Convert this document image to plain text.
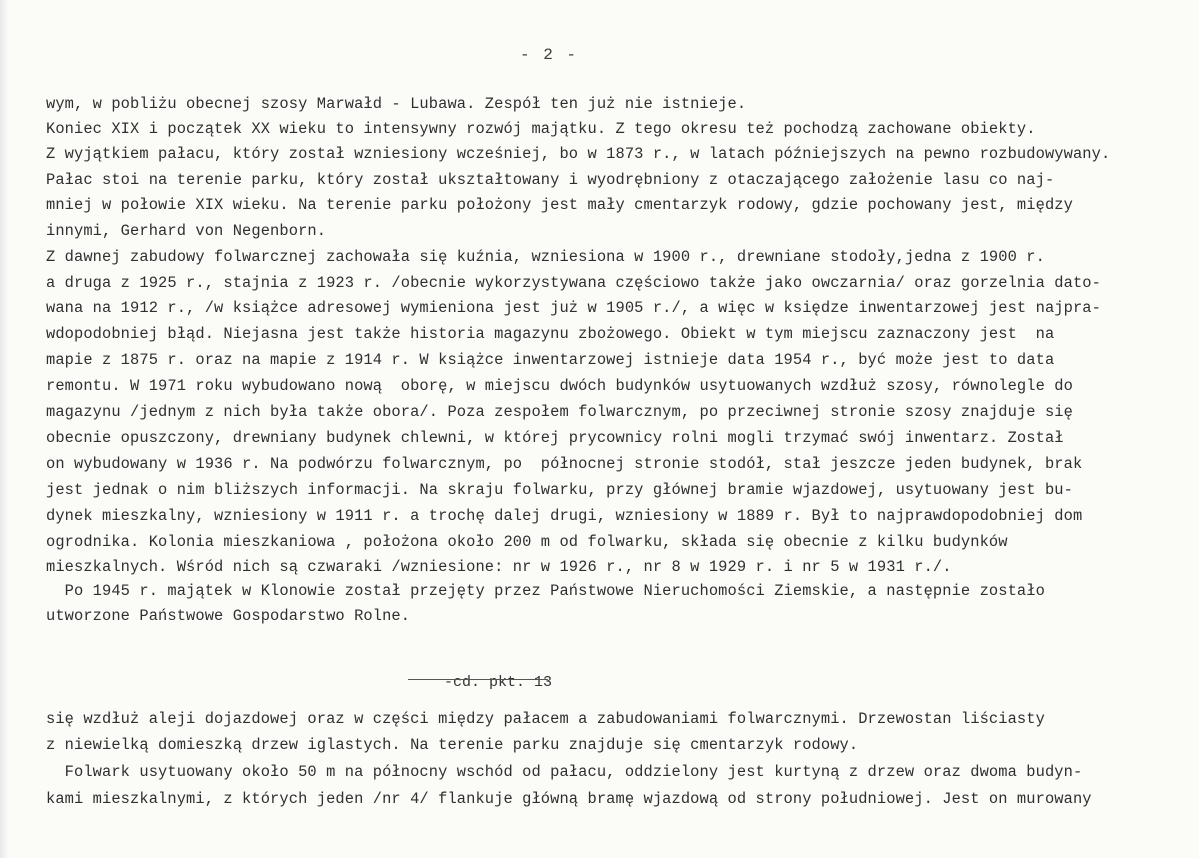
- 2 -
wym, w pobliżu obecnej szosy Marwałd - Lubawa. Zespół ten już nie istnieje.
Koniec XIX i początek XX wieku to intensywny rozwój majątku. Z tego okresu też pochodzą zachowane obiekty.
Z wyjątkiem pałacu, który został wzniesiony wcześniej, bo w 1873 r., w latach późniejszych na pewno rozbudowywany.
Pałac stoi na terenie parku, który został ukształtowany i wyodrębniony z otaczającego założenie lasu co naj-
mniej w połowie XIX wieku. Na terenie parku położony jest mały cmentarzyk rodowy, gdzie pochowany jest, między
innymi, Gerhard von Negenborn.
Z dawnej zabudowy folwarcznej zachowała się kuźnia, wzniesiona w 1900 r., drewniane stodoły,jedna z 1900 r.
a druga z 1925 r., stajnia z 1923 r. /obecnie wykorzystywana częściowo także jako owczarnia/ oraz gorzelnia dato-
wana na 1912 r., /w książce adresowej wymieniona jest już w 1905 r./, a więc w księdze inwentarzowej jest najpra-
wdopodobniej błąd. Niejasna jest także historia magazynu zbożowego. Obiekt w tym miejscu zaznaczony jest  na
mapie z 1875 r. oraz na mapie z 1914 r. W książce inwentarzowej istnieje data 1954 r., być może jest to data
remontu. W 1971 roku wybudowano nową  oborę, w miejscu dwóch budynków usytuowanych wzdłuż szosy, równolegle do
magazynu /jednym z nich była także obora/. Poza zespołem folwarcznym, po przeciwnej stronie szosy znajduje się
obecnie opuszczony, drewniany budynek chlewni, w której prycownicy rolni mogli trzymać swój inwentarz. Został
on wybudowany w 1936 r. Na podwórzu folwarcznym, po  północnej stronie stodół, stał jeszcze jeden budynek, brak
jest jednak o nim bliższych informacji. Na skraju folwarku, przy głównej bramie wjazdowej, usytuowany jest bu-
dynek mieszkalny, wzniesiony w 1911 r. a trochę dalej drugi, wzniesiony w 1889 r. Był to najprawdopodobniej dom
ogrodnika. Kolonia mieszkaniowa , położona około 200 m od folwarku, składa się obecnie z kilku budynków
mieszkalnych. Wśród nich są czwaraki /wzniesione: nr w 1926 r., nr 8 w 1929 r. i nr 5 w 1931 r./.
Po 1945 r. majątek w Klonowie został przejęty przez Państwowe Nieruchomości Ziemskie, a następnie zostało
utworzone Państwowe Gospodarstwo Rolne.

-cd. pkt. 13

się wzdłuż alejі dojazdowej oraz w części między pałacem a zabudowaniami folwarcznymi. Drzewostan liściasty
z niewielką domieszką drzew iglastych. Na terenie parku znajduje się cmentarzyk rodowy.
Folwark usytuowany około 50 m na północny wschód od pałacu, oddzielony jest kurtyną z drzew oraz dwoma budyn-
kami mieszkalnymi, z których jeden /nr 4/ flankuje główną bramę wjazdową od strony południowej. Jest on murowany
